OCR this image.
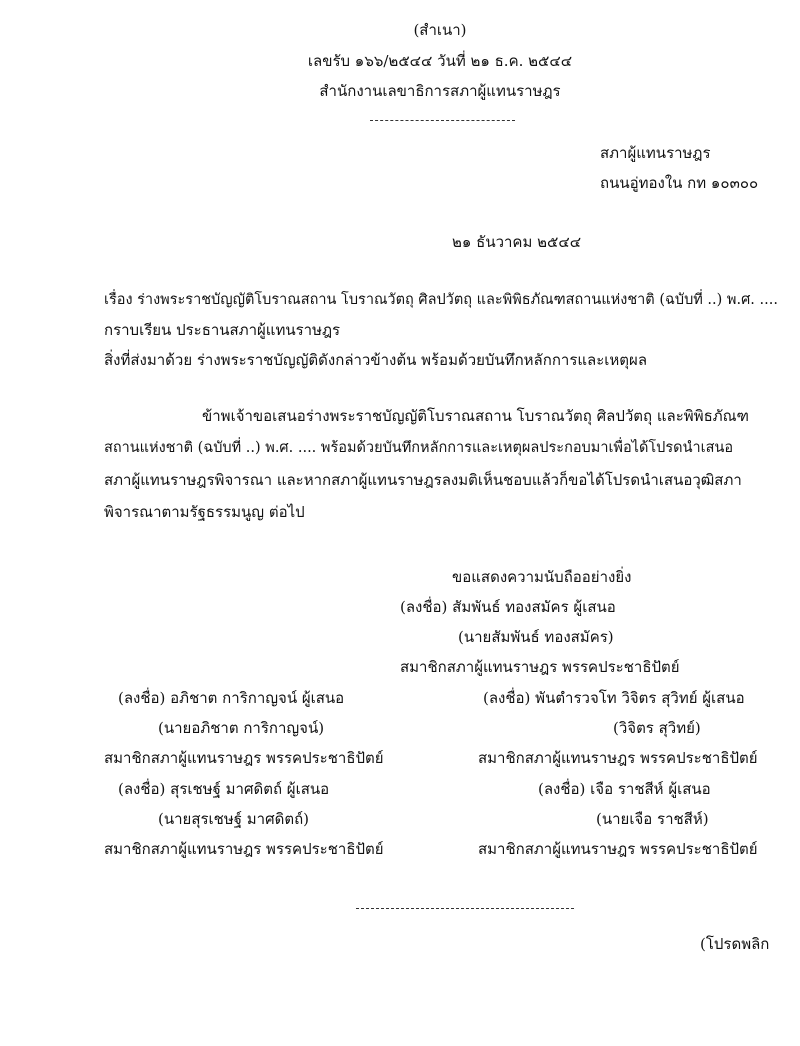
(สำเนา)
เลขรับ ๑๖๖/๒๕๔๔ วันที่ ๒๑ ธ.ค. ๒๕๔๔
สำนักงานเลขาธิการสภาผู้แทนราษฎร
สภาผู้แทนราษฎร
ถนนอู่ทองใน กท ๑๐๓๐๐
๒๑ ธันวาคม ๒๕๔๔
เรื่อง ร่างพระราชบัญญัติโบราณสถาน โบราณวัตถุ ศิลปวัตถุ และพิพิธภัณฑสถานแห่งชาติ (ฉบับที่ ..) พ.ศ. ....
กราบเรียน ประธานสภาผู้แทนราษฎร
สิ่งที่ส่งมาด้วย ร่างพระราชบัญญัติดังกล่าวข้างต้น พร้อมด้วยบันทึกหลักการและเหตุผล
ข้าพเจ้าขอเสนอร่างพระราชบัญญัติโบราณสถาน โบราณวัตถุ ศิลปวัตถุ และพิพิธภัณฑ
สถานแห่งชาติ (ฉบับที่ ..) พ.ศ. .... พร้อมด้วยบันทึกหลักการและเหตุผลประกอบมาเพื่อได้โปรดนำเสนอ
สภาผู้แทนราษฎรพิจารณา และหากสภาผู้แทนราษฎรลงมติเห็นชอบแล้วก็ขอได้โปรดนำเสนอวุฒิสภา
พิจารณาตามรัฐธรรมนูญ ต่อไป
ขอแสดงความนับถืออย่างยิ่ง
(ลงชื่อ) สัมพันธ์ ทองสมัคร ผู้เสนอ
(นายสัมพันธ์ ทองสมัคร)
สมาชิกสภาผู้แทนราษฎร พรรคประชาธิปัตย์
(ลงชื่อ) อภิชาต การิกาญจน์ ผู้เสนอ
(นายอภิชาต การิกาญจน์)
สมาชิกสภาผู้แทนราษฎร พรรคประชาธิปัตย์
(ลงชื่อ) พันตำรวจโท วิจิตร สุวิทย์ ผู้เสนอ
(วิจิตร สุวิทย์)
สมาชิกสภาผู้แทนราษฎร พรรคประชาธิปัตย์
(ลงชื่อ) สุรเชษฐ์ มาศดิตถ์ ผู้เสนอ
(นายสุรเชษฐ์ มาศดิตถ์)
สมาชิกสภาผู้แทนราษฎร พรรคประชาธิปัตย์
(ลงชื่อ) เจือ ราชสีห์ ผู้เสนอ
(นายเจือ ราชสีห์)
สมาชิกสภาผู้แทนราษฎร พรรคประชาธิปัตย์
(โปรดพลิก
